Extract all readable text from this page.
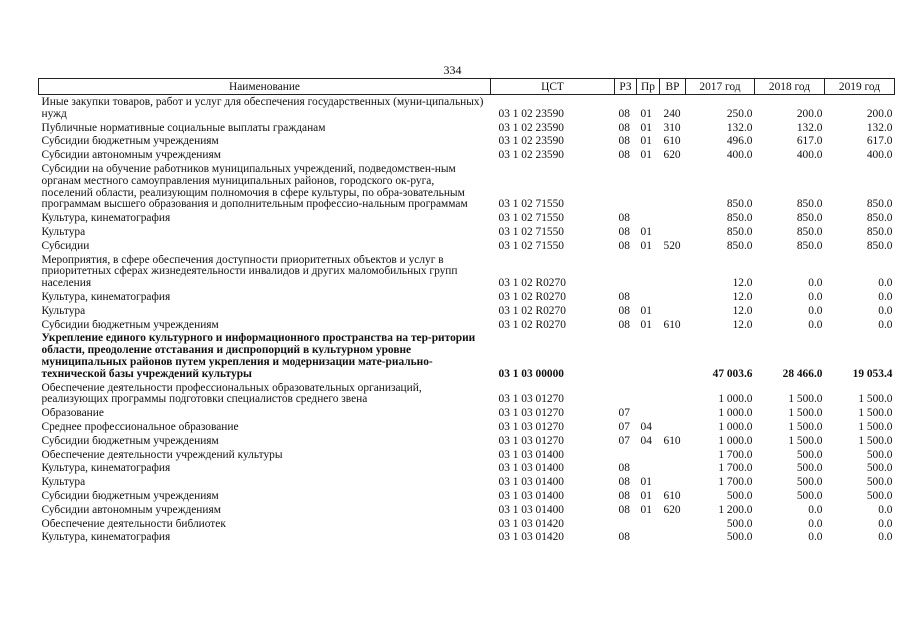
334
Наименование	ЦСТ	РЗ	Пр	ВР	2017 год	2018 год	2019 год
Иные закупки товаров, работ и услуг для обеспечения государственных (муни-ципальных) нужд	03 1 02 23590	08	01	240	250.0	200.0	200.0
Публичные нормативные социальные выплаты гражданам	03 1 02 23590	08	01	310	132.0	132.0	132.0
Субсидии бюджетным учреждениям	03 1 02 23590	08	01	610	496.0	617.0	617.0
Субсидии автономным учреждениям	03 1 02 23590	08	01	620	400.0	400.0	400.0
Субсидии на обучение работников муниципальных учреждений, подведомствен-ным органам местного самоуправления муниципальных районов, городского ок-руга, поселений области, реализующим полномочия в сфере культуры, по обра-зовательным программам высшего образования и дополнительным профессио-нальным программам	03 1 02 71550				850.0	850.0	850.0
Культура, кинематография	03 1 02 71550	08			850.0	850.0	850.0
Культура	03 1 02 71550	08	01		850.0	850.0	850.0
Субсидии	03 1 02 71550	08	01	520	850.0	850.0	850.0
Мероприятия, в сфере обеспечения доступности приоритетных объектов и услуг в приоритетных сферах жизнедеятельности инвалидов и других маломобильных групп населения	03 1 02 R0270				12.0	0.0	0.0
Культура, кинематография	03 1 02 R0270	08			12.0	0.0	0.0
Культура	03 1 02 R0270	08	01		12.0	0.0	0.0
Субсидии бюджетным учреждениям	03 1 02 R0270	08	01	610	12.0	0.0	0.0
Укрепление единого культурного и информационного пространства на тер-ритории области, преодоление отставания и диспропорций в культурном уровне муниципальных районов путем укрепления и модернизации мате-риально-технической базы учреждений культуры	03 1 03 00000				47 003.6	28 466.0	19 053.4
Обеспечение деятельности профессиональных образовательных организаций, реализующих программы подготовки специалистов среднего звена	03 1 03 01270				1 000.0	1 500.0	1 500.0
Образование	03 1 03 01270	07			1 000.0	1 500.0	1 500.0
Среднее профессиональное образование	03 1 03 01270	07	04		1 000.0	1 500.0	1 500.0
Субсидии бюджетным учреждениям	03 1 03 01270	07	04	610	1 000.0	1 500.0	1 500.0
Обеспечение деятельности учреждений культуры	03 1 03 01400				1 700.0	500.0	500.0
Культура, кинематография	03 1 03 01400	08			1 700.0	500.0	500.0
Культура	03 1 03 01400	08	01		1 700.0	500.0	500.0
Субсидии бюджетным учреждениям	03 1 03 01400	08	01	610	500.0	500.0	500.0
Субсидии автономным учреждениям	03 1 03 01400	08	01	620	1 200.0	0.0	0.0
Обеспечение деятельности библиотек	03 1 03 01420				500.0	0.0	0.0
Культура, кинематография	03 1 03 01420	08			500.0	0.0	0.0
